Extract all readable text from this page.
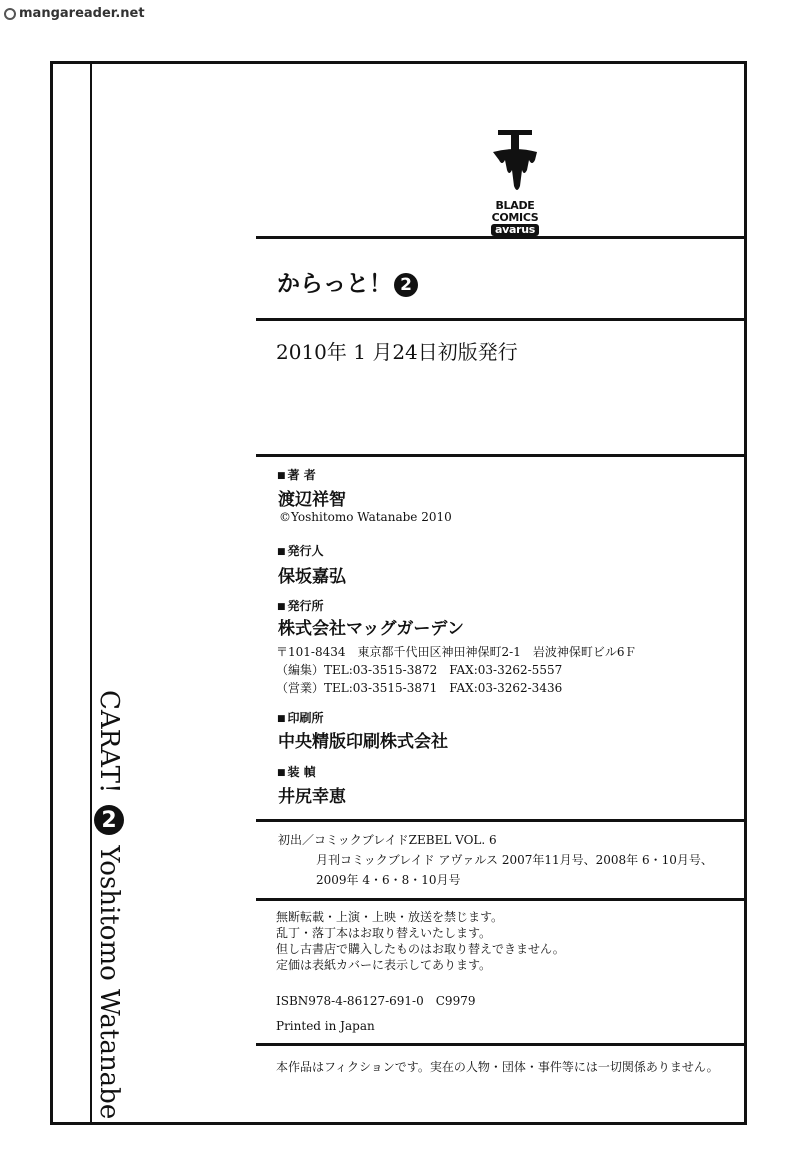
mangareader.net
CARAT!
2
Yoshitomo Watanabe
BLADE
COMICS
avarus
からっと！ 2
2010年 1 月24日初版発行
■ 著 者
渡辺祥智
©Yoshitomo Watanabe 2010
■ 発行人
保坂嘉弘
■ 発行所
株式会社マッグガーデン
〒101-8434　東京都千代田区神田神保町2-1　岩波神保町ビル6Ｆ
（編集）TEL:03-3515-3872　FAX:03-3262-5557
（営業）TEL:03-3515-3871　FAX:03-3262-3436
■ 印刷所
中央精版印刷株式会社
■ 装 幀
井尻幸恵
初出／コミックブレイドZEBEL VOL. 6
月刊コミックブレイド アヴァルス 2007年11月号、2008年 6・10月号、
2009年 4・6・8・10月号
無断転載・上演・上映・放送を禁じます。
乱丁・落丁本はお取り替えいたします。
但し古書店で購入したものはお取り替えできません。
定価は表紙カバーに表示してあります。
ISBN978-4-86127-691-0　C9979
Printed in Japan
本作品はフィクションです。実在の人物・団体・事件等には一切関係ありません。
